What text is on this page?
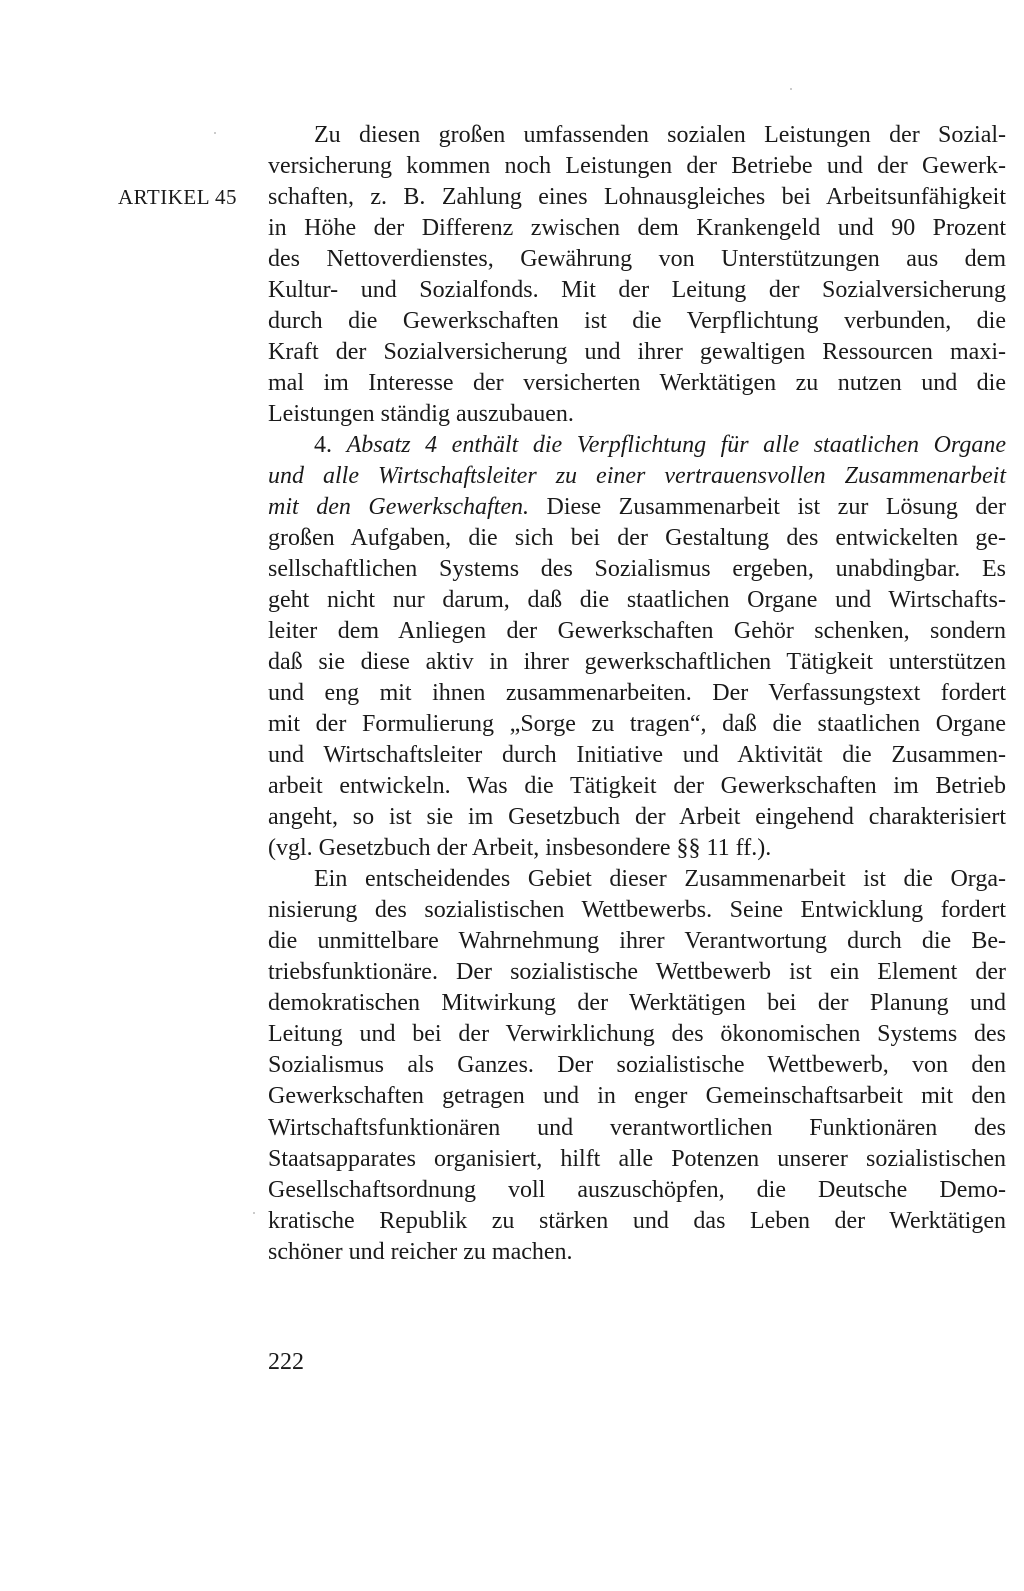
ARTIKEL 45
Zu diesen großen umfassenden sozialen Leistungen der Sozial-
versicherung kommen noch Leistungen der Betriebe und der Gewerk-
schaften, z. B. Zahlung eines Lohnausgleiches bei Arbeitsunfähigkeit
in Höhe der Differenz zwischen dem Krankengeld und 90 Prozent
des Nettoverdienstes, Gewährung von Unterstützungen aus dem
Kultur- und Sozialfonds. Mit der Leitung der Sozialversicherung
durch die Gewerkschaften ist die Verpflichtung verbunden, die
Kraft der Sozialversicherung und ihrer gewaltigen Ressourcen maxi-
mal im Interesse der versicherten Werktätigen zu nutzen und die
Leistungen ständig auszubauen.
4. Absatz 4 enthält die Verpflichtung für alle staatlichen Organe
und alle Wirtschaftsleiter zu einer vertrauensvollen Zusammenarbeit
mit den Gewerkschaften. Diese Zusammenarbeit ist zur Lösung der
großen Aufgaben, die sich bei der Gestaltung des entwickelten ge-
sellschaftlichen Systems des Sozialismus ergeben, unabdingbar. Es
geht nicht nur darum, daß die staatlichen Organe und Wirtschafts-
leiter dem Anliegen der Gewerkschaften Gehör schenken, sondern
daß sie diese aktiv in ihrer gewerkschaftlichen Tätigkeit unterstützen
und eng mit ihnen zusammenarbeiten. Der Verfassungstext fordert
mit der Formulierung „Sorge zu tragen“, daß die staatlichen Organe
und Wirtschaftsleiter durch Initiative und Aktivität die Zusammen-
arbeit entwickeln. Was die Tätigkeit der Gewerkschaften im Betrieb
angeht, so ist sie im Gesetzbuch der Arbeit eingehend charakterisiert
(vgl. Gesetzbuch der Arbeit, insbesondere §§ 11 ff.).
Ein entscheidendes Gebiet dieser Zusammenarbeit ist die Orga-
nisierung des sozialistischen Wettbewerbs. Seine Entwicklung fordert
die unmittelbare Wahrnehmung ihrer Verantwortung durch die Be-
triebsfunktionäre. Der sozialistische Wettbewerb ist ein Element der
demokratischen Mitwirkung der Werktätigen bei der Planung und
Leitung und bei der Verwirklichung des ökonomischen Systems des
Sozialismus als Ganzes. Der sozialistische Wettbewerb, von den
Gewerkschaften getragen und in enger Gemeinschaftsarbeit mit den
Wirtschaftsfunktionären und verantwortlichen Funktionären des
Staatsapparates organisiert, hilft alle Potenzen unserer sozialistischen
Gesellschaftsordnung voll auszuschöpfen, die Deutsche Demo-
kratische Republik zu stärken und das Leben der Werktätigen
schöner und reicher zu machen.
222
